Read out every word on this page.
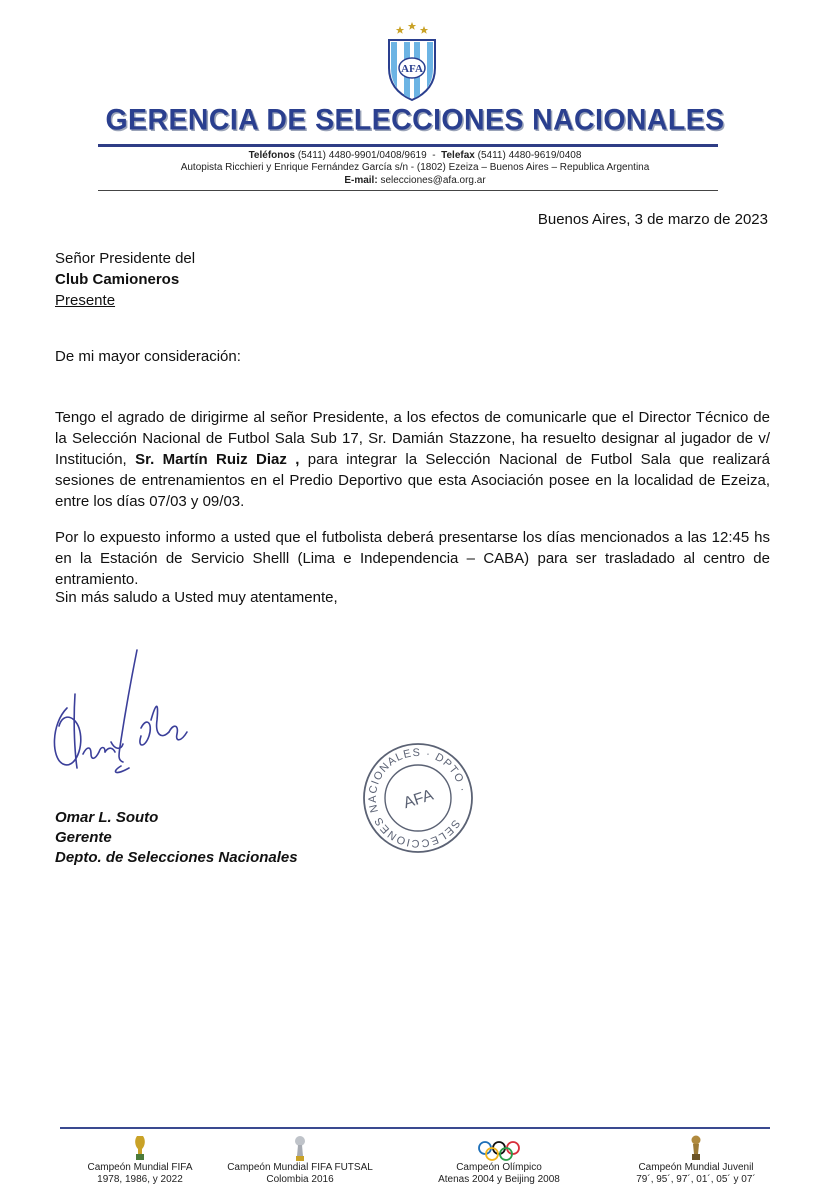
AFA
GERENCIA DE SELECCIONES NACIONALES
Teléfonos (5411) 4480-9901/0408/9619  -  Telefax (5411) 4480-9619/0408
Autopista Ricchieri y Enrique Fernández García s/n - (1802) Ezeiza – Buenos Aires – Republica Argentina
E-mail: selecciones@afa.org.ar
Buenos Aires, 3 de marzo de 2023
Señor Presidente del
Club Camioneros
Presente
De mi mayor consideración:
Tengo el agrado de dirigirme al señor Presidente, a los efectos de comunicarle que el Director Técnico de la Selección Nacional de Futbol Sala Sub 17, Sr. Damián Stazzone, ha resuelto designar al jugador de v/ Institución, Sr. Martín Ruiz Diaz , para integrar la Selección Nacional de Futbol Sala que realizará sesiones de entrenamientos en el Predio Deportivo que esta Asociación posee en la localidad de Ezeiza, entre los días 07/03 y 09/03.
Por lo expuesto informo a usted que el futbolista deberá presentarse los días mencionados a las 12:45 hs en la Estación de Servicio Shelll (Lima e Independencia – CABA) para ser trasladado al centro de entramiento.
Sin más saludo a Usted muy atentamente,
SELECCIONES NACIONALES · DPTO ·
AFA
Omar L. Souto
Gerente
Depto. de Selecciones Nacionales
Campeón Mundial FIFA
1978, 1986, y 2022
Campeón Mundial FIFA FUTSAL
Colombia 2016
Campeón Olímpico
Atenas 2004 y Beijing 2008
Campeón Mundial Juvenil
79´, 95´, 97´, 01´, 05´ y 07´
